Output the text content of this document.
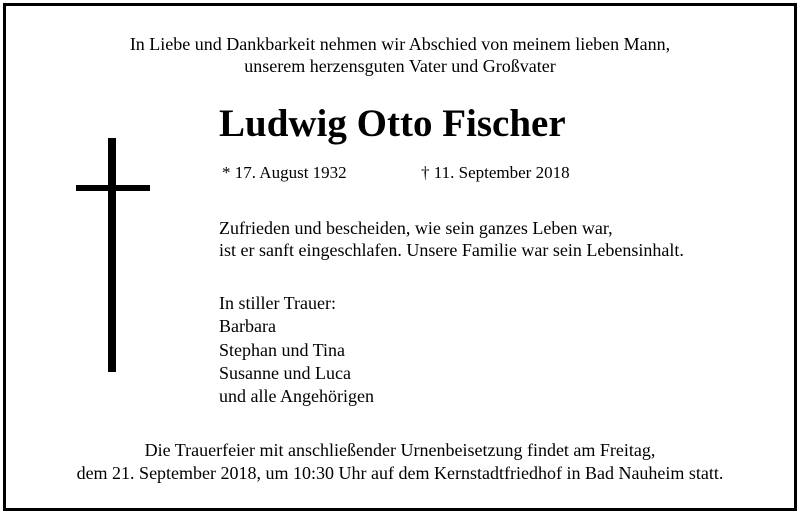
In Liebe und Dankbarkeit nehmen wir Abschied von meinem lieben Mann,
unserem herzensguten Vater und Großvater
Ludwig Otto Fischer
* 17. August 1932	† 11. September 2018
Zufrieden und bescheiden, wie sein ganzes Leben war,
ist er sanft eingeschlafen. Unsere Familie war sein Lebensinhalt.
In stiller Trauer:
Barbara
Stephan und Tina
Susanne und Luca
und alle Angehörigen
Die Trauerfeier mit anschließender Urnenbeisetzung findet am Freitag,
dem 21. September 2018, um 10:30 Uhr auf dem Kernstadtfriedhof in Bad Nauheim statt.
